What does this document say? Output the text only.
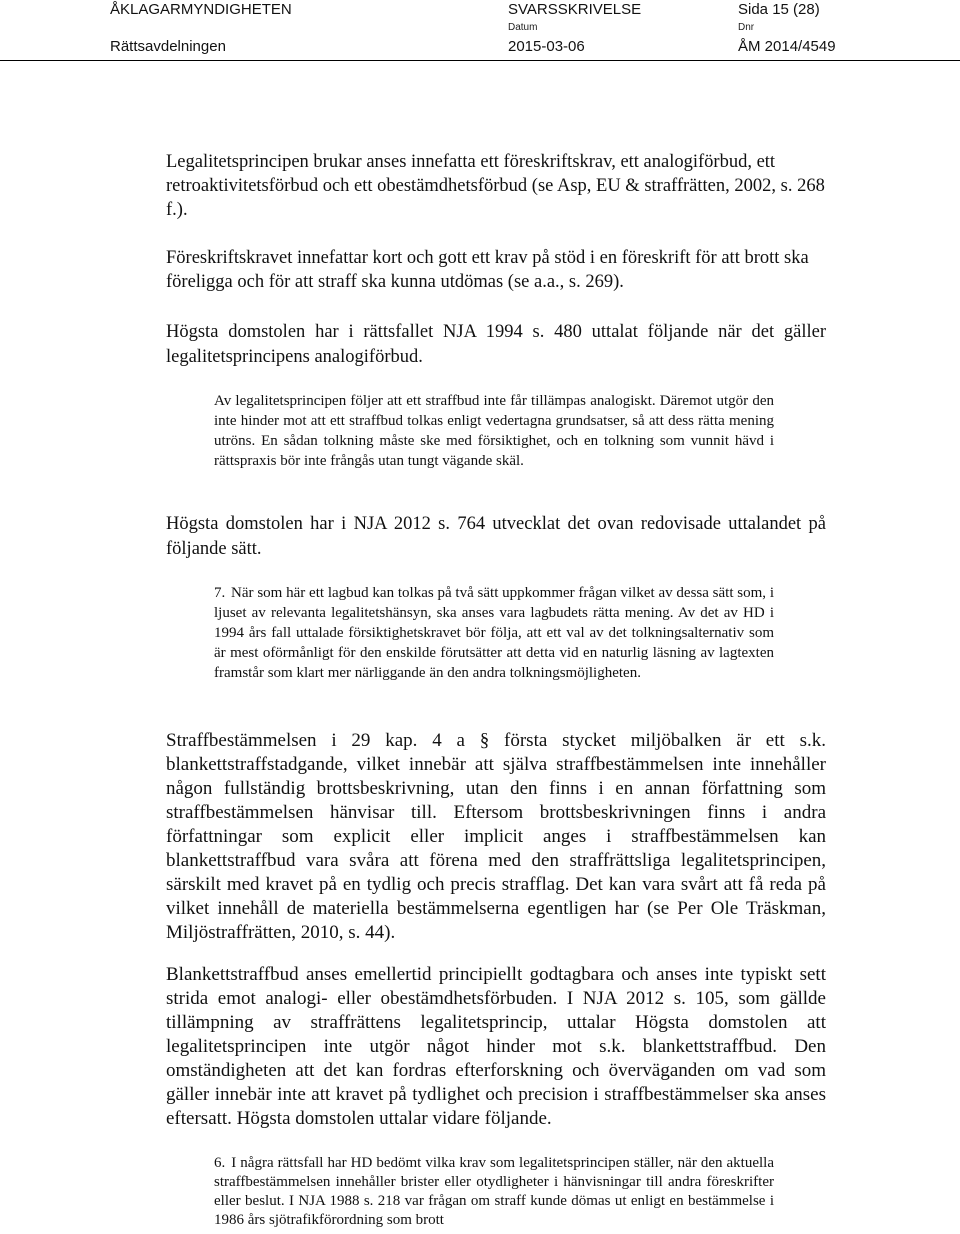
ÅKLAGARMYNDIGHETEN
Rättsavdelningen
SVARSSKRIVELSE
Datum
2015-03-06
Sida 15 (28)
Dnr
ÅM 2014/4549

Legalitetsprincipen brukar anses innefatta ett föreskriftskrav, ett analogiförbud, ett retroaktivitetsförbud och ett obestämdhetsförbud (se Asp, EU & straffrätten, 2002, s. 268 f.).

Föreskriftskravet innefattar kort och gott ett krav på stöd i en föreskrift för att brott ska föreligga och för att straff ska kunna utdömas (se a.a., s. 269).

Högsta domstolen har i rättsfallet NJA 1994 s. 480 uttalat följande när det gäller legalitetsprincipens analogiförbud.

Av legalitetsprincipen följer att ett straffbud inte får tillämpas analogiskt. Däremot utgör den inte hinder mot att ett straffbud tolkas enligt vedertagna grundsatser, så att dess rätta mening utröns. En sådan tolkning måste ske med försiktighet, och en tolkning som vunnit hävd i rättspraxis bör inte frångås utan tungt vägande skäl.

Högsta domstolen har i NJA 2012 s. 764 utvecklat det ovan redovisade uttalandet på följande sätt.

7. När som här ett lagbud kan tolkas på två sätt uppkommer frågan vilket av dessa sätt som, i ljuset av relevanta legalitetshänsyn, ska anses vara lagbudets rätta mening. Av det av HD i 1994 års fall uttalade försiktighetskravet bör följa, att ett val av det tolkningsalternativ som är mest oförmånligt för den enskilde förutsätter att detta vid en naturlig läsning av lagtexten framstår som klart mer närliggande än den andra tolkningsmöjligheten.

Straffbestämmelsen i 29 kap. 4 a § första stycket miljöbalken är ett s.k. blankettstraffstadgande, vilket innebär att själva straffbestämmelsen inte innehåller någon fullständig brottsbeskrivning, utan den finns i en annan författning som straffbestämmelsen hänvisar till. Eftersom brottsbeskrivningen finns i andra författningar som explicit eller implicit anges i straffbestämmelsen kan blankettstraffbud vara svåra att förena med den straffrättsliga legalitetsprincipen, särskilt med kravet på en tydlig och precis strafflag. Det kan vara svårt att få reda på vilket innehåll de materiella bestämmelserna egentligen har (se Per Ole Träskman, Miljöstraffrätten, 2010, s. 44).

Blankettstraffbud anses emellertid principiellt godtagbara och anses inte typiskt sett strida emot analogi- eller obestämdhetsförbuden. I NJA 2012 s. 105, som gällde tillämpning av straffrättens legalitetsprincip, uttalar Högsta domstolen att legalitetsprincipen inte utgör något hinder mot s.k. blankettstraffbud. Den omständigheten att det kan fordras efterforskning och överväganden om vad som gäller innebär inte att kravet på tydlighet och precision i straffbestämmelser ska anses eftersatt. Högsta domstolen uttalar vidare följande.

6. I några rättsfall har HD bedömt vilka krav som legalitetsprincipen ställer, när den aktuella straffbestämmelsen innehåller brister eller otydligheter i hänvisningar till andra föreskrifter eller beslut. I NJA 1988 s. 218 var frågan om straff kunde dömas ut enligt en bestämmelse i 1986 års sjötrafikförordning som brott
